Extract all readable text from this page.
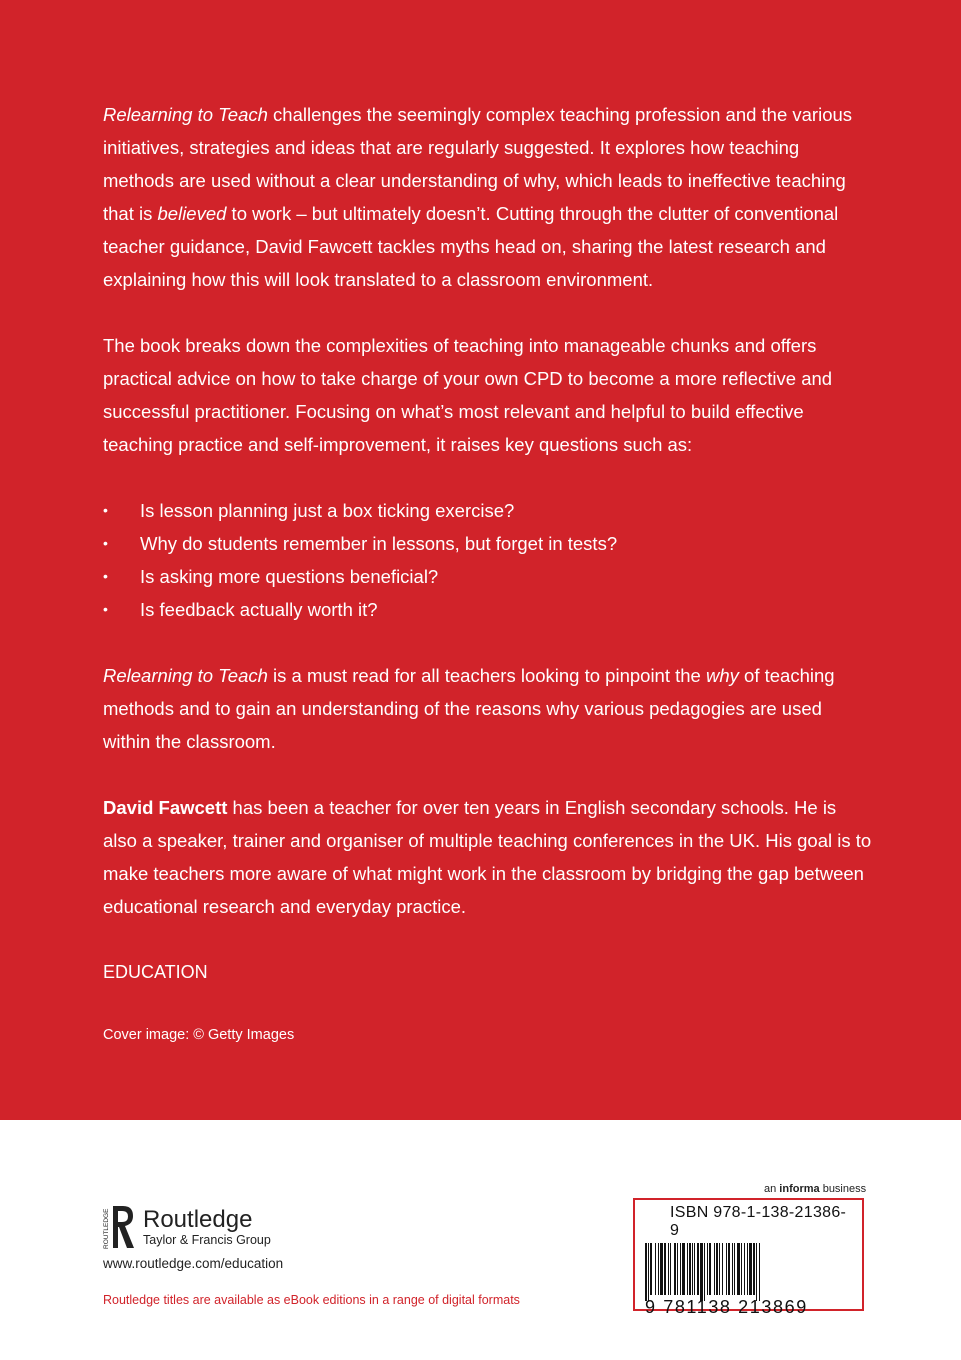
Relearning to Teach challenges the seemingly complex teaching profession and the various initiatives, strategies and ideas that are regularly suggested. It explores how teaching methods are used without a clear understanding of why, which leads to ineffective teaching that is believed to work – but ultimately doesn’t. Cutting through the clutter of conventional teacher guidance, David Fawcett tackles myths head on, sharing the latest research and explaining how this will look translated to a classroom environment.

The book breaks down the complexities of teaching into manageable chunks and offers practical advice on how to take charge of your own CPD to become a more reflective and successful practitioner. Focusing on what’s most relevant and helpful to build effective teaching practice and self-improvement, it raises key questions such as:

• Is lesson planning just a box ticking exercise?
• Why do students remember in lessons, but forget in tests?
• Is asking more questions beneficial?
• Is feedback actually worth it?

Relearning to Teach is a must read for all teachers looking to pinpoint the why of teaching methods and to gain an understanding of the reasons why various pedagogies are used within the classroom.

David Fawcett has been a teacher for over ten years in English secondary schools. He is also a speaker, trainer and organiser of multiple teaching conferences in the UK. His goal is to make teachers more aware of what might work in the classroom by bridging the gap between educational research and everyday practice.

EDUCATION
Cover image: © Getty Images
ROUTLEDGE Routledge
Taylor & Francis Group
www.routledge.com/education
Routledge titles are available as eBook editions in a range of digital formats
an informa business
ISBN 978-1-138-21386-9
9 781138 213869
